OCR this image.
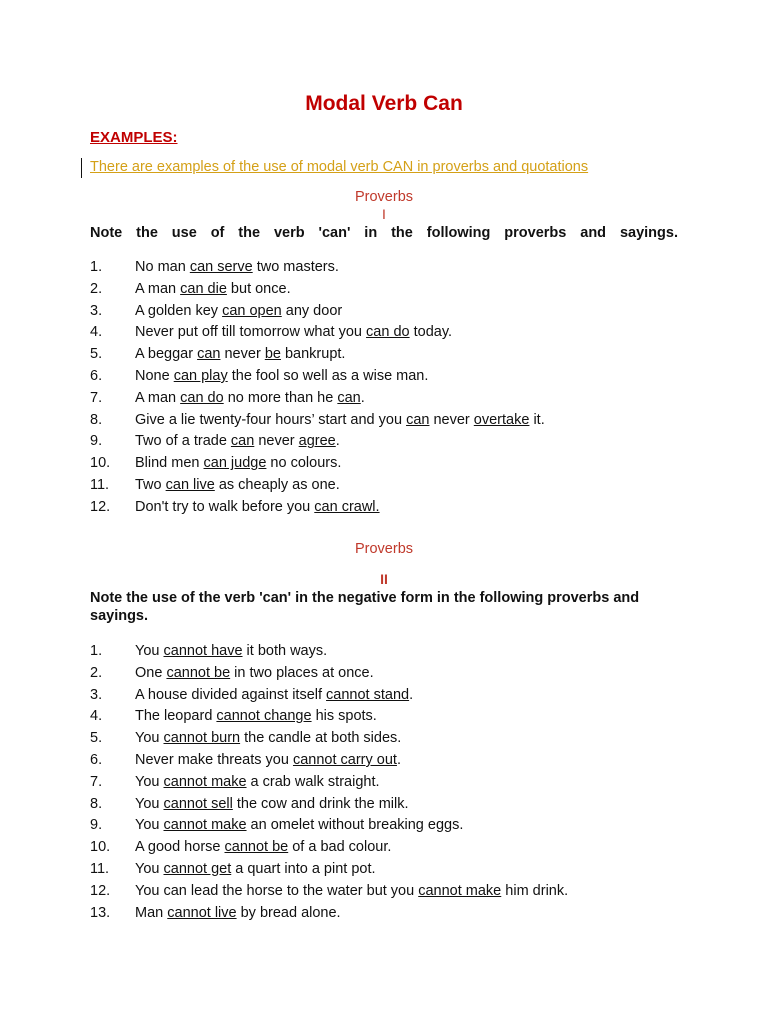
Modal Verb Can
EXAMPLES:
There are examples of the use of modal verb CAN in proverbs and quotations
Proverbs
I
Note the use of the verb 'can' in the following proverbs and sayings.
1. No man can serve two masters.
2. A man can die but once.
3. A golden key can open any door
4. Never put off till tomorrow what you can do today.
5. A beggar can never be bankrupt.
6. None can play the fool so well as a wise man.
7. A man can do no more than he can.
8. Give a lie twenty-four hours’ start and you can never overtake it.
9. Two of a trade can never agree.
10. Blind men can judge no colours.
11. Two can live as cheaply as one.
12. Don't try to walk before you can crawl.
Proverbs
II
Note the use of the verb 'can' in the negative form in the following proverbs and sayings.
1. You cannot have it both ways.
2. One cannot be in two places at once.
3. A house divided against itself cannot stand.
4. The leopard cannot change his spots.
5. You cannot burn the candle at both sides.
6. Never make threats you cannot carry out.
7. You cannot make a crab walk straight.
8. You cannot sell the cow and drink the milk.
9. You cannot make an omelet without breaking eggs.
10. A good horse cannot be of a bad colour.
11. You cannot get a quart into a pint pot.
12. You can lead the horse to the water but you cannot make him drink.
13. Man cannot live by bread alone.
